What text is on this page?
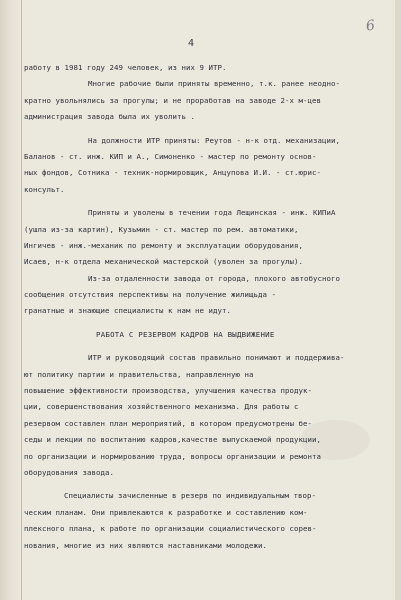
4
6
работу в 1981 году 249 человек, из них 9 ИТР.
Многие рабочие были приняты временно, т.к. ранее неодно-
кратно увольнялись за прогулы; и не проработав на заводе 2-х м-цев
администрация завода была их уволить .
На должности ИТР приняты: Реутов - н-к отд. механизации,
Баланов - ст. инж. КИП и А., Симоненко - мастер по ремонту основ-
ных фондов, Сотника - техник-нормировщик, Анцупова И.И. - ст.юрис-
консульт.
Приняты и уволены в течении года Лещинская - инж. КИПиА
(ушла из-за картин), Кузьмин - ст. мастер по рем. автоматики,
Ингичев - инж.-механик по ремонту и эксплуатации оборудования,
Исаев, н-к отдела механической мастерской (уволен за прогулы).
Из-за отдаленности завода от города, плохого автобусного
сообщения отсутствия перспективы на получение жилищьда -
гранатные и знающие специалисты к нам не идут.
РАБОТА С РЕЗЕРВОМ КАДРОВ НА ВЫДВИЖЕНИЕ
ИТР и руководящий состав правильно понимают и поддержива-
ют политику партии и правительства, направленную на
повышение эффективности производства, улучшения качества продук-
ции, совершенствования хозяйственного механизма. Для работы с
резервом составлен план мероприятий, в котором предусмотрены бе-
седы и лекции по воспитанию кадров,качестве выпускаемой продукции,
по организации и нормированию труда, вопросы организации и ремонта
оборудования завода.
Специалисты зачисленные в резерв по индивидуальным твор-
ческим планам. Они привлекаются к разработке и составлению ком-
плексного плана, к работе по организации социалистического сорев-
нования, многие из них являются наставниками молодежи.
